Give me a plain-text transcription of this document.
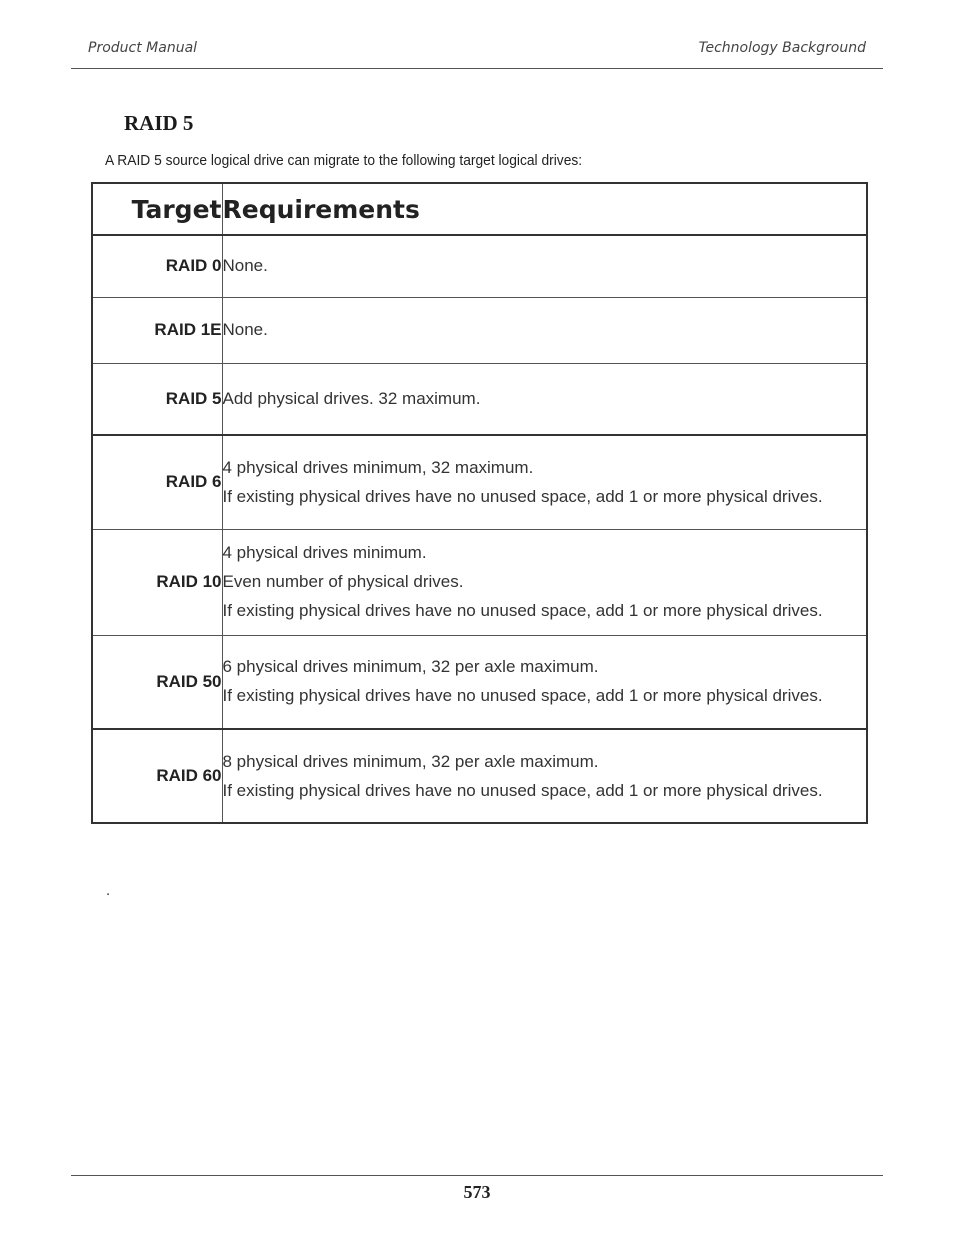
Product Manual	Technology Background
RAID 5
A RAID 5 source logical drive can migrate to the following target logical drives:
Target	Requirements
RAID 0	None.

RAID 1E	None.

RAID 5	Add physical drives. 32 maximum.

RAID 6	4 physical drives minimum, 32 maximum.

If existing physical drives have no unused space, add 1 or more physical drives.

RAID 10	4 physical drives minimum.

Even number of physical drives.

If existing physical drives have no unused space, add 1 or more physical drives.

RAID 50	6 physical drives minimum, 32 per axle maximum.

If existing physical drives have no unused space, add 1 or more physical drives.

RAID 60	8 physical drives minimum, 32 per axle maximum.

If existing physical drives have no unused space, add 1 or more physical drives.

.
573
